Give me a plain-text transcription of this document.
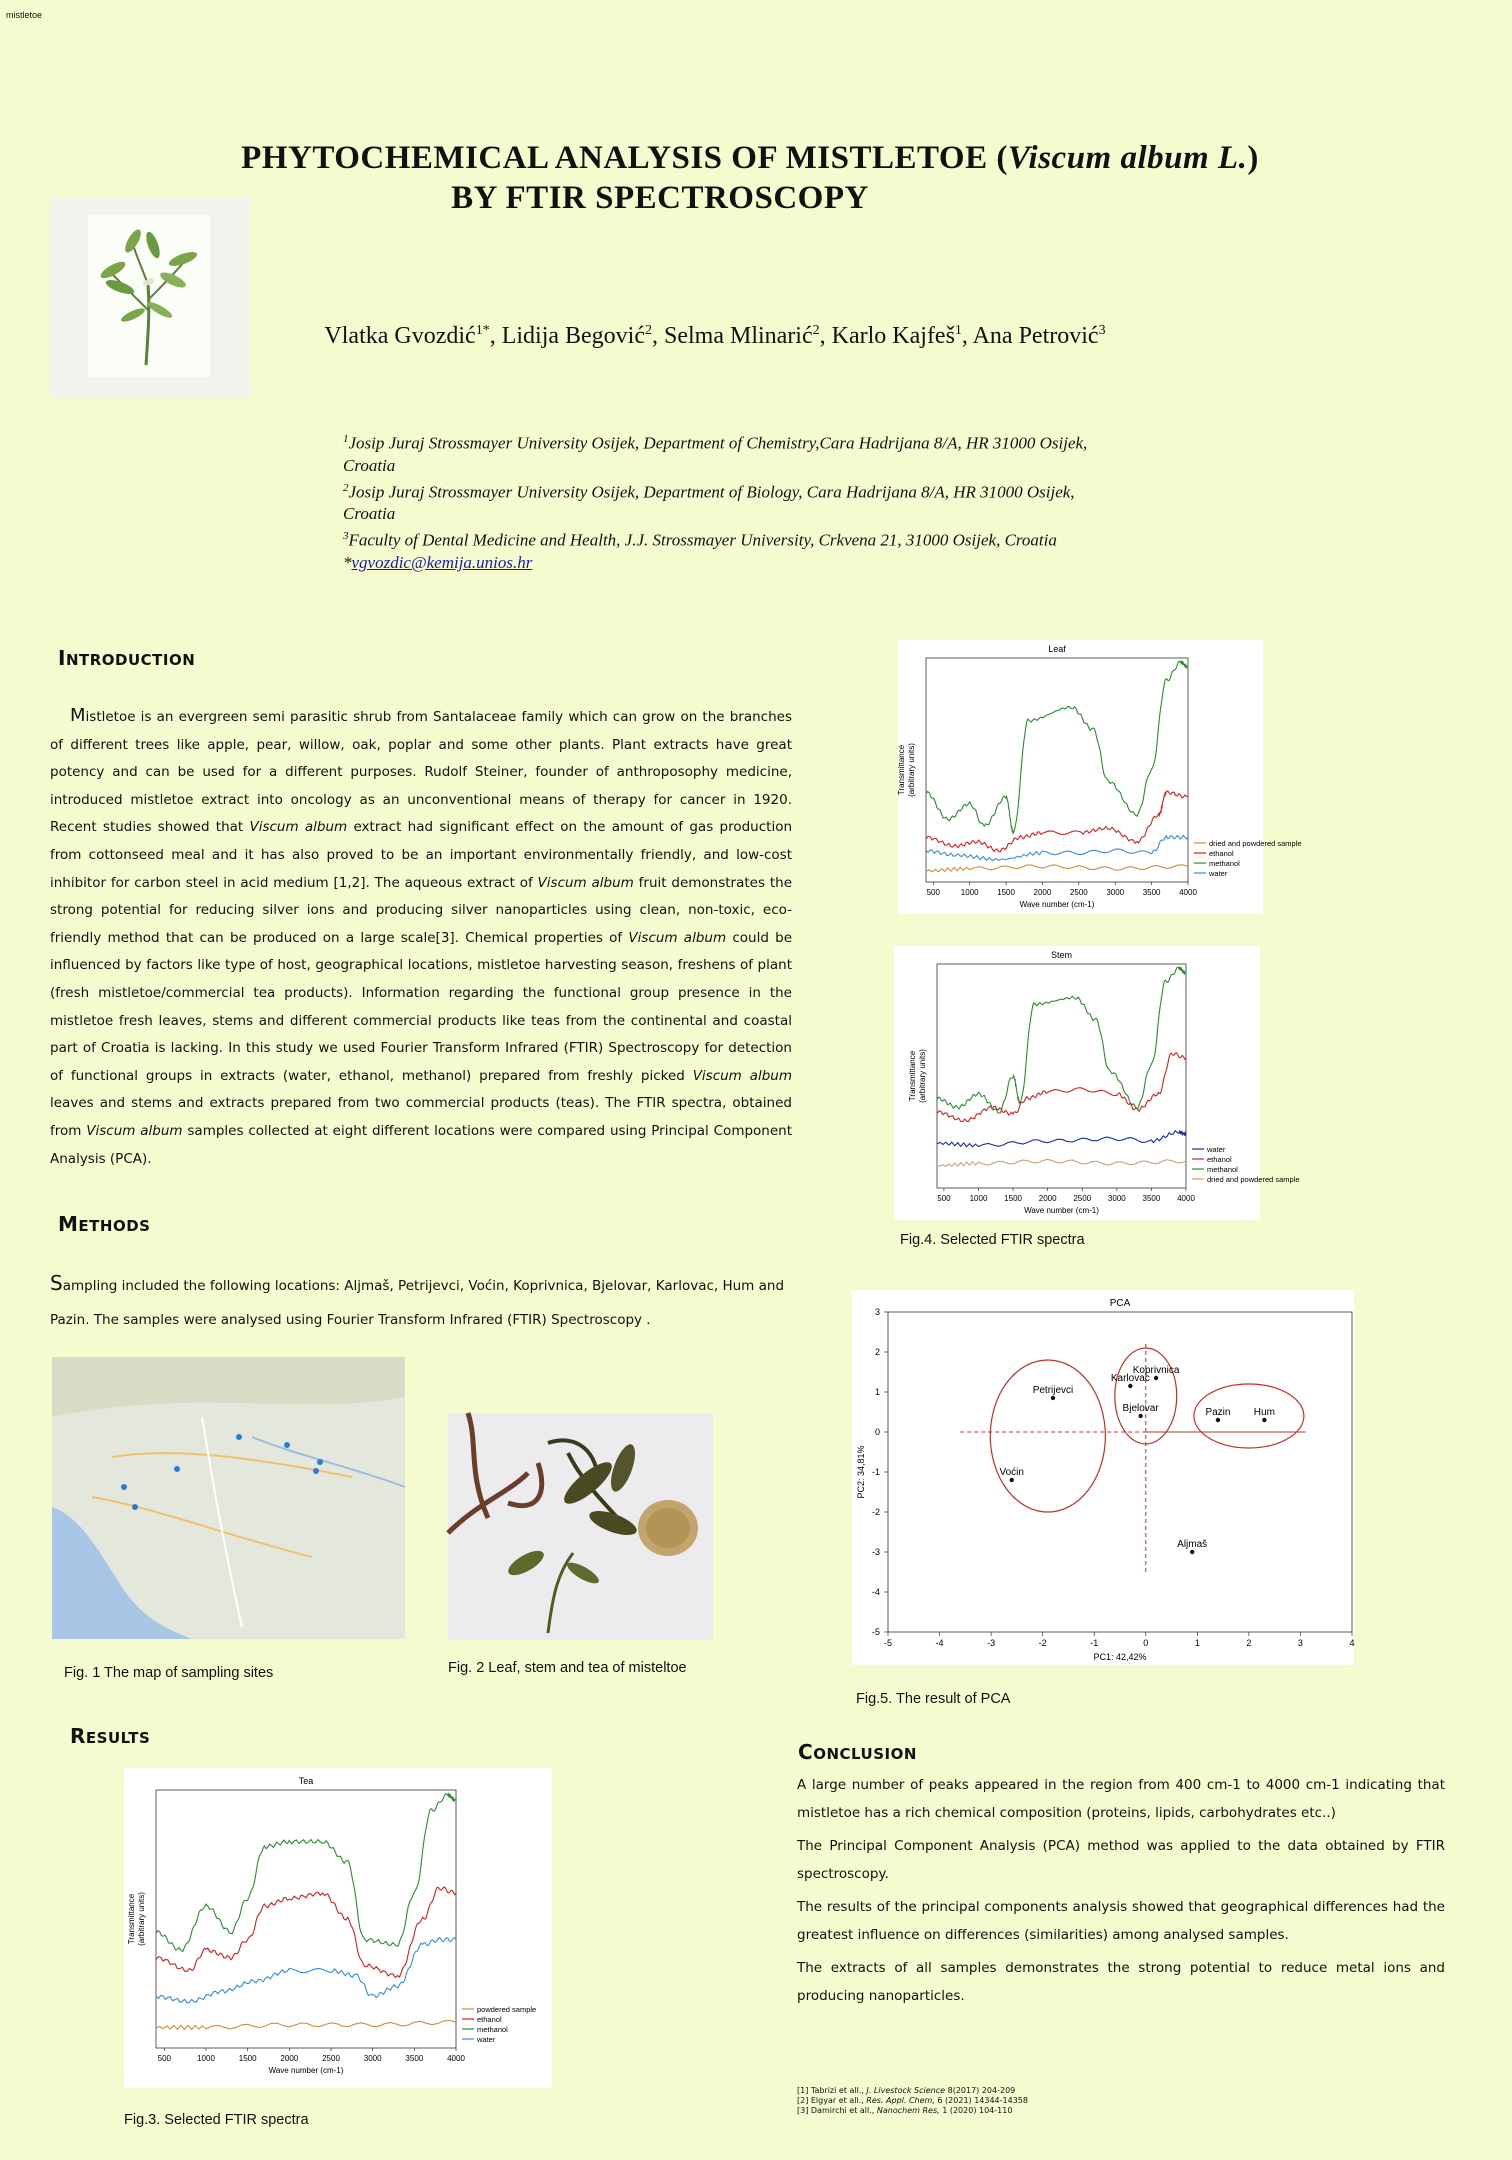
mistletoe
PHYTOCHEMICAL ANALYSIS OF MISTLETOE (Viscum album L.)
BY FTIR SPECTROSCOPY
Vlatka Gvozdić$^{1*}$, Lidija Begović$^2$, Selma Mlinarić$^2$, Karlo Kajfeš$^1$, Ana Petrović$^3$
$^1$Josip Juraj Strossmayer University Osijek, Department of Chemistry,Cara Hadrijana 8/A, HR 31000 Osijek, Croatia
$^2$Josip Juraj Strossmayer University Osijek, Department of Biology, Cara Hadrijana 8/A, HR 31000 Osijek, Croatia
$^3$Faculty of Dental Medicine and Health, J.J. Strossmayer University, Crkvena 21, 31000 Osijek, Croatia
*vgvozdic@kemija.unios.hr
INTRODUCTION
Mistletoe is an evergreen semi parasitic shrub from Santalaceae family which can grow on the branches of different trees like apple, pear, willow, oak, poplar and some other plants. Plant extracts have great potency and can be used for a different purposes. Rudolf Steiner, founder of anthroposophy medicine, introduced mistletoe extract into oncology as an unconventional means of therapy for cancer in 1920. Recent studies showed that Viscum album extract had significant effect on the amount of gas production from cottonseed meal and it has also proved to be an important environmentally friendly, and low-cost inhibitor for carbon steel in acid medium [1,2]. The aqueous extract of Viscum album fruit demonstrates the strong potential for reducing silver ions and producing silver nanoparticles using clean, non-toxic, eco-friendly method that can be produced on a large scale[3]. Chemical properties of Viscum album could be influenced by factors like type of host, geographical locations, mistletoe harvesting season, freshens of plant (fresh mistletoe/commercial tea products). Information regarding the functional group presence in the mistletoe fresh leaves, stems and different commercial products like teas from the continental and coastal part of Croatia is lacking. In this study we used Fourier Transform Infrared (FTIR) Spectroscopy for detection of functional groups in extracts (water, ethanol, methanol) prepared from freshly picked Viscum album leaves and stems and extracts prepared from two commercial products (teas). The FTIR spectra, obtained from Viscum album samples collected at eight different locations were compared using Principal Component Analysis (PCA).
METHODS
Sampling included the following locations: Aljmaš, Petrijevci, Voćin, Koprivnica, Bjelovar, Karlovac, Hum and Pazin. The samples were analysed using Fourier Transform Infrared (FTIR) Spectroscopy .
Fig. 1 The map of sampling sites	Fig. 2 Leaf, stem and tea of misteltoe
RESULTS
Tea
500	1000	1500	2000	2500	3000	3500	4000
Wave number (cm-1)
Transmittance (arbitrary units)
powdered sample
ethanol
methanol
water
Fig.3. Selected FTIR spectra
Leaf
500	1000 1500 2000 2500 3000 3500 4000
Wave number (cm-1)
Transmittance (arbitrary units)
dried and powdered sample
ethanol
methanol
water
Stem
500 1000 1500 2000 2500 3000 3500 4000
Wave number (cm-1)
Transmittance (arbitrary units)
water
ethanol
methanol
dried and powdered sample
Fig.4. Selected FTIR spectra
PCA
-5	-4	-3	-2	-1	0	1	2	3	4
3
2
1
0
-1
-2
-3
-4
-5
PC1: 42,42%
PC2: 34,81%
Petrijevci
Voćin
Koprivnica
Karlovac
Bjelovar	Pazin Hum
Aljmaš
Fig.5. The result of PCA
CONCLUSION

A large number of peaks appeared in the region from 400 cm-1 to 4000 cm-1 indicating that mistletoe has a rich chemical composition (proteins, lipids, carbohydrates etc..)

The Principal Component Analysis (PCA) method was applied to the data obtained by FTIR spectroscopy.

The results of the principal components analysis showed that geographical differences had the greatest influence on differences (similarities) among analysed samples.

The extracts of all samples demonstrates the strong potential to reduce metal ions and producing nanoparticles.

[1] Tabrizi et all., J. Livestock Science 8(2017) 204-209
[2] Elgyar et all., Res. Appl. Chem, 6 (2021) 14344-14358
[3] Damirchi et all., Nanochem Res, 1 (2020) 104-110
